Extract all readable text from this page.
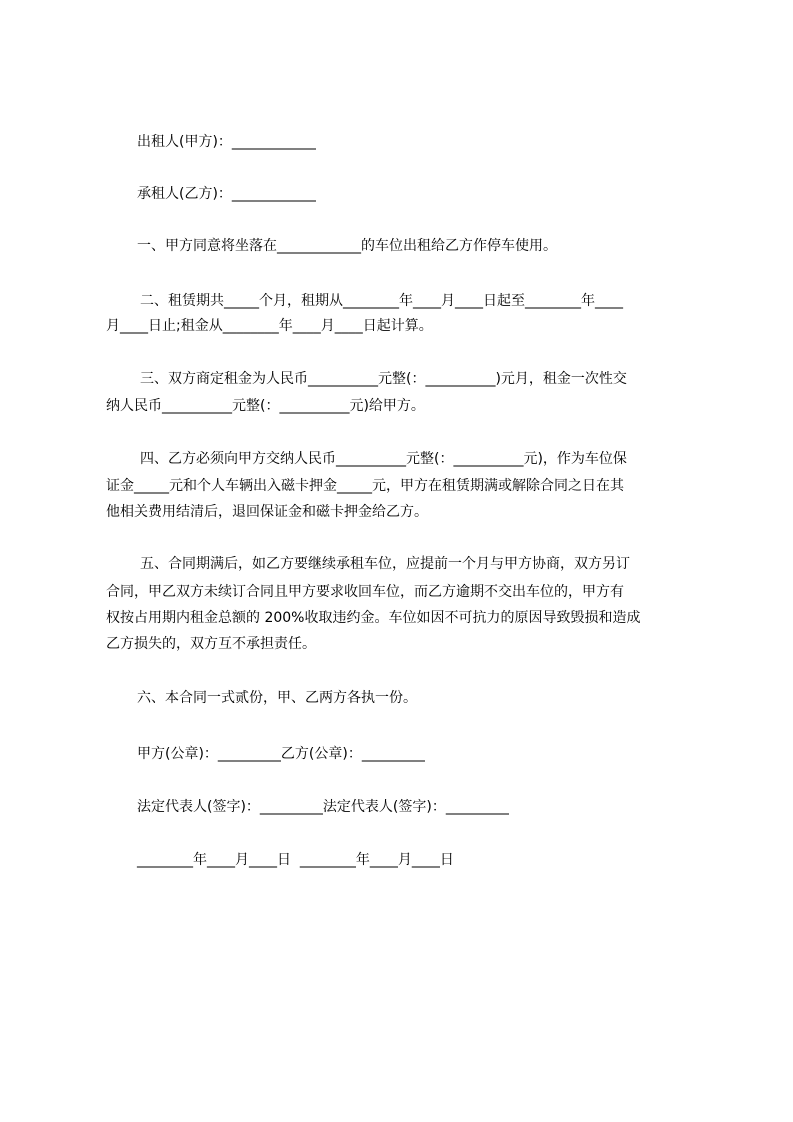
出租人(甲方)：____________
承租人(乙方)：____________
一、甲方同意将坐落在____________的车位出租给乙方作停车使用。
二、租赁期共_____个月，租期从________年____月____日起至________年____
月____日止;租金从________年____月____日起计算。
三、双方商定租金为人民币__________元整(：__________)元月，租金一次性交
纳人民币__________元整(：__________元)给甲方。
四、乙方必须向甲方交纳人民币__________元整(：__________元)，作为车位保
证金_____元和个人车辆出入磁卡押金_____元，甲方在租赁期满或解除合同之日在其
他相关费用结清后，退回保证金和磁卡押金给乙方。
五、合同期满后，如乙方要继续承租车位，应提前一个月与甲方协商，双方另订
合同，甲乙双方未续订合同且甲方要求收回车位，而乙方逾期不交出车位的，甲方有
权按占用期内租金总额的 200%收取违约金。车位如因不可抗力的原因导致毁损和造成
乙方损失的，双方互不承担责任。
六、本合同一式贰份，甲、乙两方各执一份。
甲方(公章)：_________乙方(公章)：_________
法定代表人(签字)：_________法定代表人(签字)：_________
________年____月____日  ________年____月____日
